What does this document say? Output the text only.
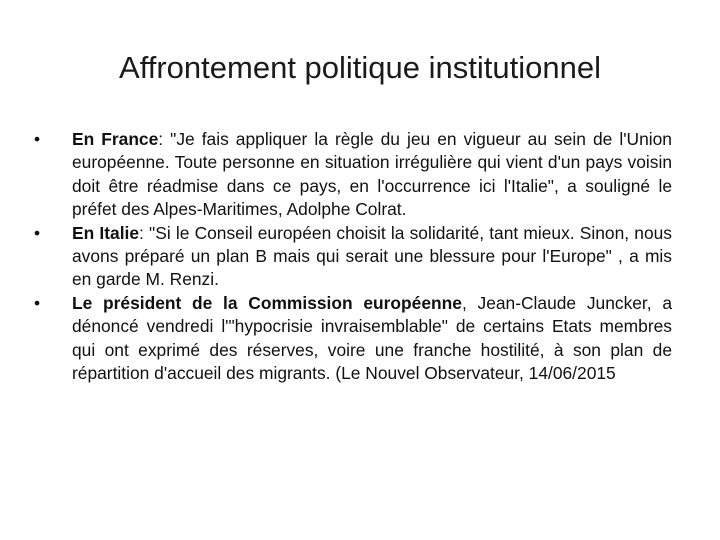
Affrontement politique institutionnel
• En France: "Je fais appliquer la règle du jeu en vigueur au sein de l'Union européenne. Toute personne en situation irrégulière qui vient d'un pays voisin doit être réadmise dans ce pays, en l'occurrence ici l'Italie", a souligné le préfet des Alpes-Maritimes, Adolphe Colrat.
• En Italie: "Si le Conseil européen choisit la solidarité, tant mieux. Sinon, nous avons préparé un plan B mais qui serait une blessure pour l'Europe" , a mis en garde M. Renzi.
• Le président de la Commission européenne, Jean-Claude Juncker, a dénoncé vendredi l'"hypocrisie invraisemblable" de certains Etats membres qui ont exprimé des réserves, voire une franche hostilité, à son plan de répartition d'accueil des migrants. (Le Nouvel Observateur, 14/06/2015
